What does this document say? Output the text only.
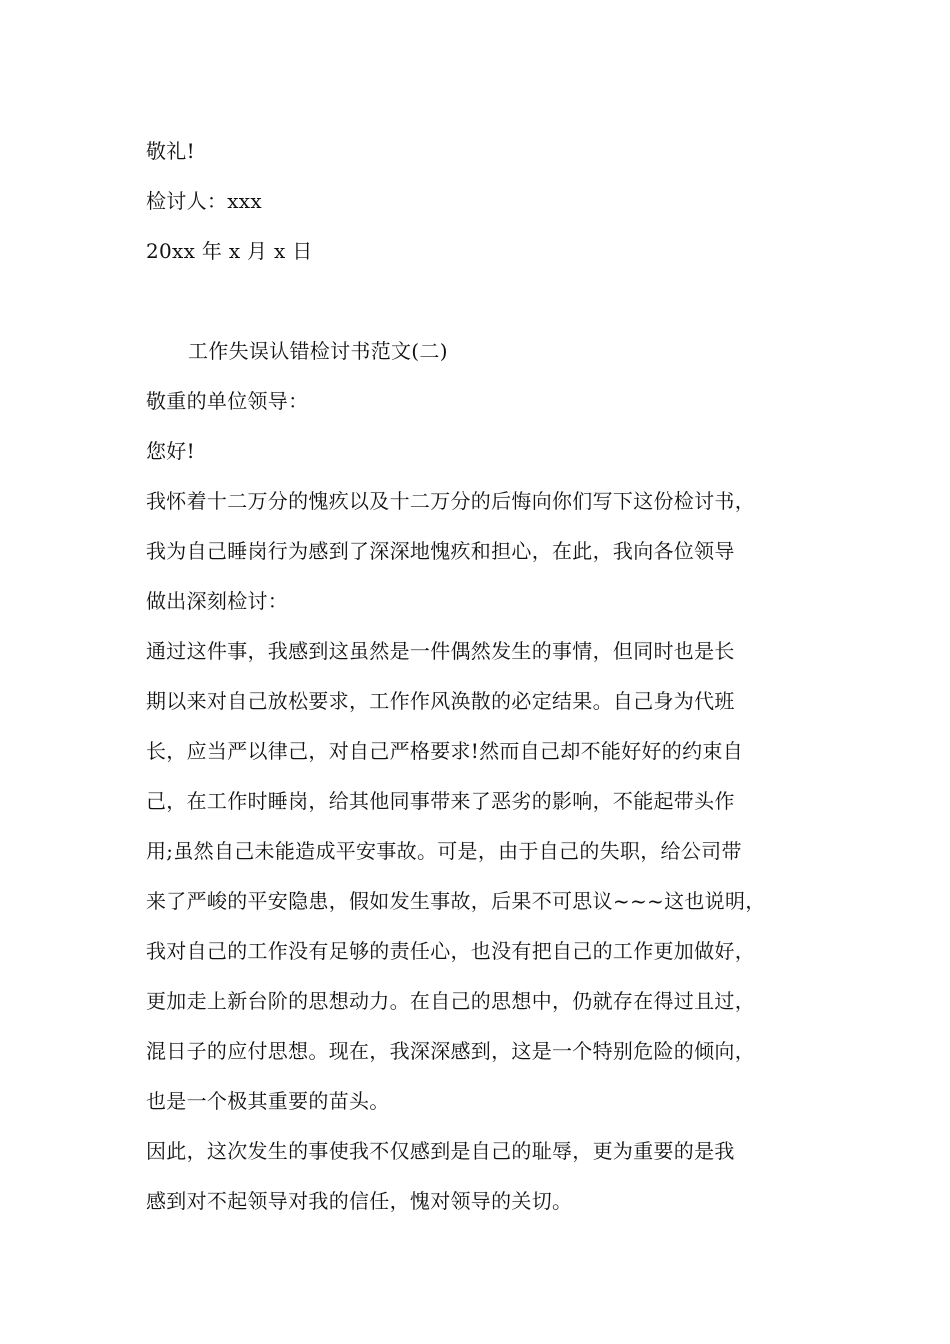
敬礼!
检讨人：xxx
20xx 年 x 月 x 日
工作失误认错检讨书范文(二)
敬重的单位领导：
您好!
我怀着十二万分的愧疚以及十二万分的后悔向你们写下这份检讨书，
我为自己睡岗行为感到了深深地愧疚和担心，在此，我向各位领导
做出深刻检讨：
通过这件事，我感到这虽然是一件偶然发生的事情，但同时也是长
期以来对自己放松要求，工作作风涣散的必定结果。自己身为代班
长，应当严以律己，对自己严格要求!然而自己却不能好好的约束自
己，在工作时睡岗，给其他同事带来了恶劣的影响，不能起带头作
用;虽然自己未能造成平安事故。可是，由于自己的失职，给公司带
来了严峻的平安隐患，假如发生事故，后果不可思议~~~这也说明，
我对自己的工作没有足够的责任心，也没有把自己的工作更加做好，
更加走上新台阶的思想动力。在自己的思想中，仍就存在得过且过，
混日子的应付思想。现在，我深深感到，这是一个特别危险的倾向，
也是一个极其重要的苗头。
因此，这次发生的事使我不仅感到是自己的耻辱，更为重要的是我
感到对不起领导对我的信任，愧对领导的关切。
